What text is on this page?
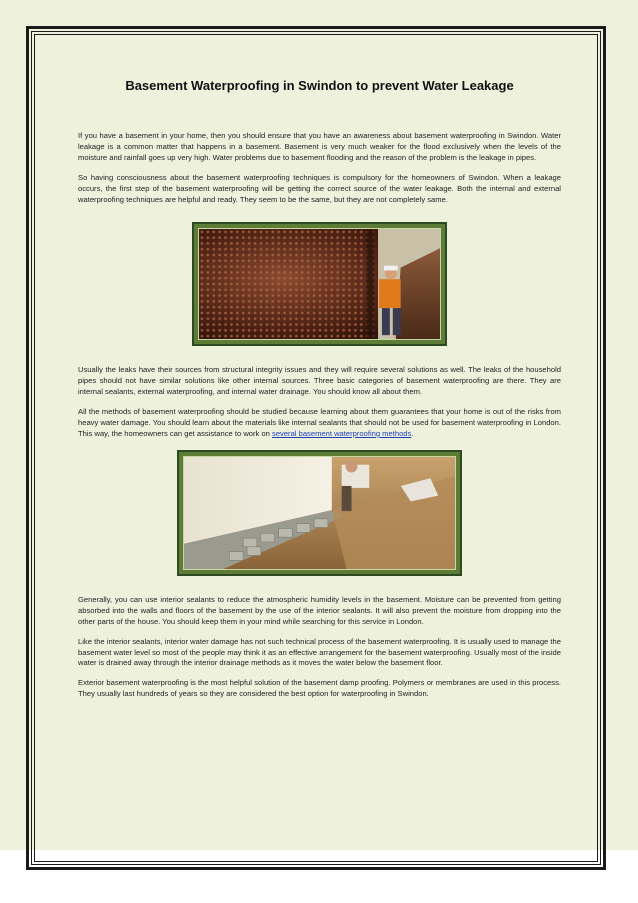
Basement Waterproofing in Swindon to prevent Water Leakage

If you have a basement in your home, then you should ensure that you have an awareness about basement waterproofing in Swindon. Water leakage is a common matter that happens in a basement. Basement is very much weaker for the flood exclusively when the levels of the moisture and rainfall goes up very high. Water problems due to basement flooding and the reason of the problem is the leakage in pipes.

So having consciousness about the basement waterproofing techniques is compulsory for the homeowners of Swindon. When a leakage occurs, the first step of the basement waterproofing will be getting the correct source of the water leakage. Both the internal and external waterproofing techniques are helpful and ready. They seem to be the same, but they are not completely same.

Usually the leaks have their sources from structural integrity issues and they will require several solutions as well. The leaks of the household pipes should not have similar solutions like other internal sources. Three basic categories of basement waterproofing are there. They are internal sealants, external waterproofing, and internal water drainage. You should know all about them.

All the methods of basement waterproofing should be studied because learning about them guarantees that your home is out of the risks from heavy water damage. You should learn about the materials like internal sealants that should not be used for basement waterproofing in London. This way, the homeowners can get assistance to work on several basement waterproofing methods.

Generally, you can use interior sealants to reduce the atmospheric humidity levels in the basement. Moisture can be prevented from getting absorbed into the walls and floors of the basement by the use of the interior sealants. It will also prevent the moisture from dropping into the other parts of the house. You should keep them in your mind while searching for this service in London.

Like the interior sealants, interior water damage has not such technical process of the basement waterproofing. It is usually used to manage the basement water level so most of the people may think it as an effective arrangement for the basement waterproofing. Usually most of the inside water is drained away through the interior drainage methods as it moves the water below the basement floor.

Exterior basement waterproofing is the most helpful solution of the basement damp proofing. Polymers or membranes are used in this process. They usually last hundreds of years so they are considered the best option for waterproofing in Swindon.
